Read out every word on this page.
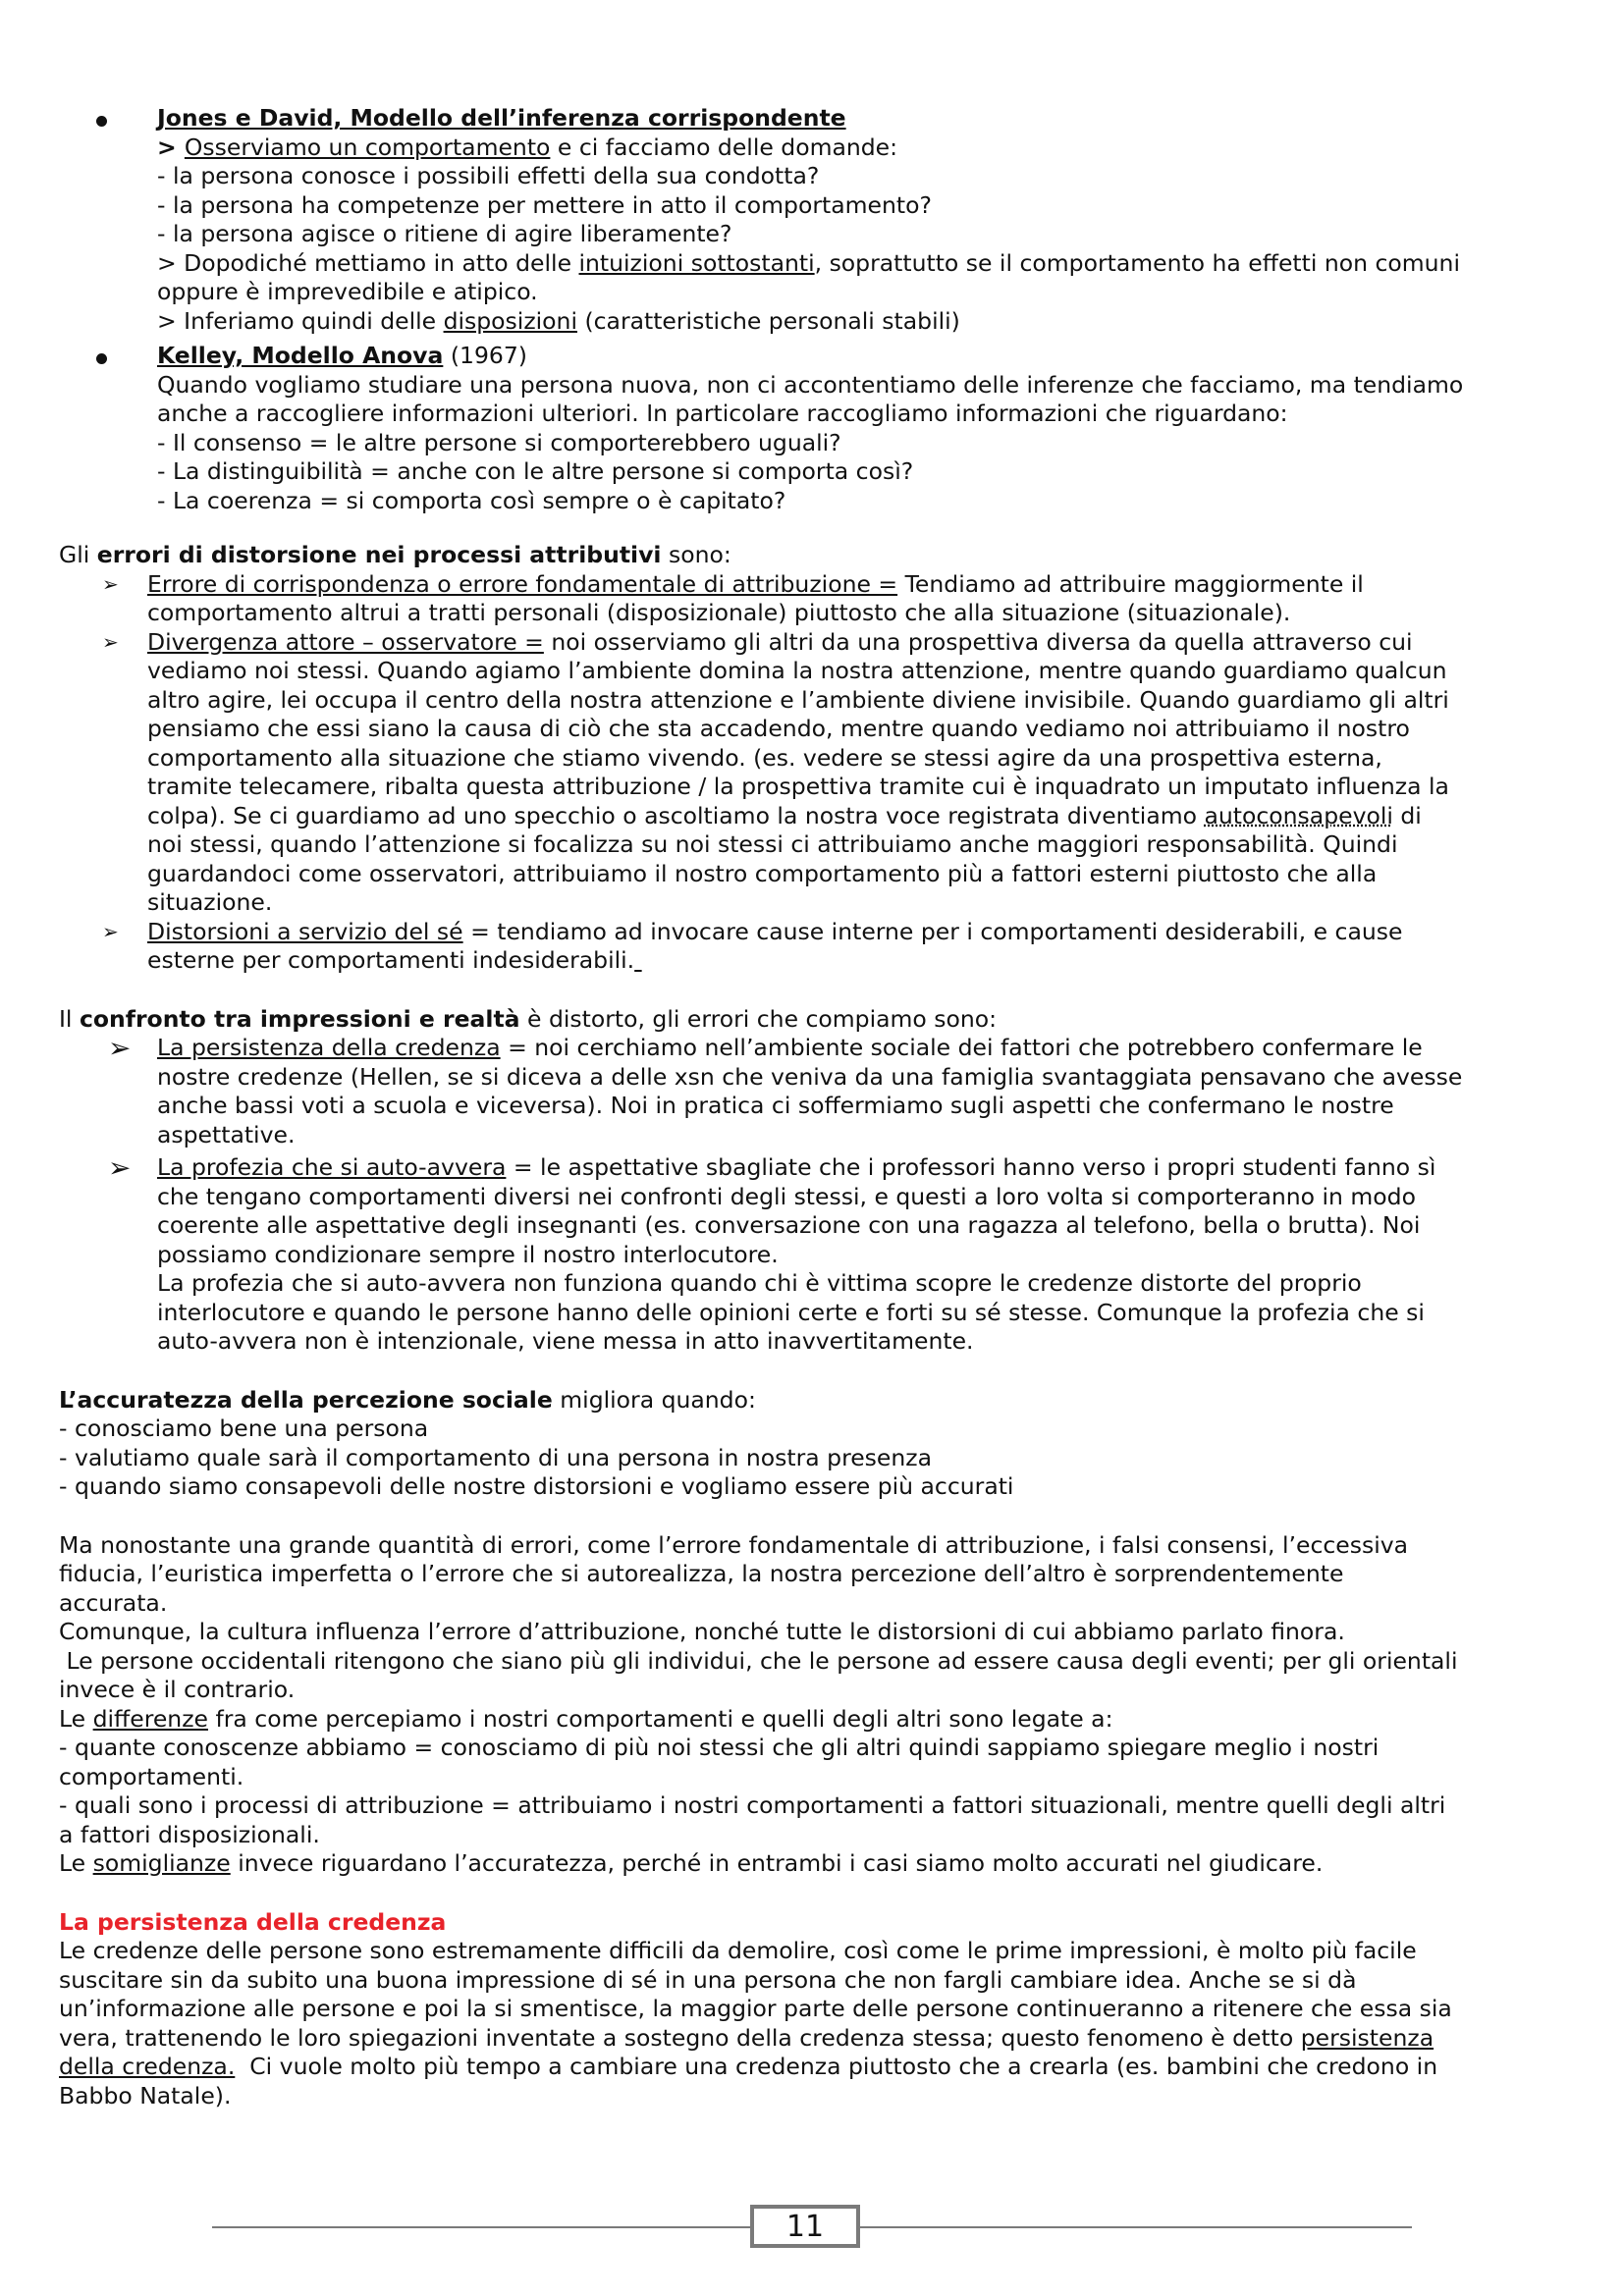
Jones e David, Modello dell’inferenza corrispondente
> Osserviamo un comportamento e ci facciamo delle domande:
- la persona conosce i possibili effetti della sua condotta?
- la persona ha competenze per mettere in atto il comportamento?
- la persona agisce o ritiene di agire liberamente?
> Dopodiché mettiamo in atto delle intuizioni sottostanti, soprattutto se il comportamento ha effetti non comuni
oppure è imprevedibile e atipico.
> Inferiamo quindi delle disposizioni (caratteristiche personali stabili)
Kelley, Modello Anova (1967)
Quando vogliamo studiare una persona nuova, non ci accontentiamo delle inferenze che facciamo, ma tendiamo
anche a raccogliere informazioni ulteriori. In particolare raccogliamo informazioni che riguardano:
- Il consenso = le altre persone si comporterebbero uguali?
- La distinguibilità = anche con le altre persone si comporta così?
- La coerenza = si comporta così sempre o è capitato?
Gli errori di distorsione nei processi attributivi sono:
➢ Errore di corrispondenza o errore fondamentale di attribuzione = Tendiamo ad attribuire maggiormente il
comportamento altrui a tratti personali (disposizionale) piuttosto che alla situazione (situazionale).
➢ Divergenza attore – osservatore = noi osserviamo gli altri da una prospettiva diversa da quella attraverso cui
vediamo noi stessi. Quando agiamo l’ambiente domina la nostra attenzione, mentre quando guardiamo qualcun
altro agire, lei occupa il centro della nostra attenzione e l’ambiente diviene invisibile. Quando guardiamo gli altri
pensiamo che essi siano la causa di ciò che sta accadendo, mentre quando vediamo noi attribuiamo il nostro
comportamento alla situazione che stiamo vivendo. (es. vedere se stessi agire da una prospettiva esterna,
tramite telecamere, ribalta questa attribuzione / la prospettiva tramite cui è inquadrato un imputato influenza la
colpa). Se ci guardiamo ad uno specchio o ascoltiamo la nostra voce registrata diventiamo autoconsapevoli di
noi stessi, quando l’attenzione si focalizza su noi stessi ci attribuiamo anche maggiori responsabilità. Quindi
guardandoci come osservatori, attribuiamo il nostro comportamento più a fattori esterni piuttosto che alla
situazione.
➢ Distorsioni a servizio del sé = tendiamo ad invocare cause interne per i comportamenti desiderabili, e cause
esterne per comportamenti indesiderabili.
Il confronto tra impressioni e realtà è distorto, gli errori che compiamo sono:
➢ La persistenza della credenza = noi cerchiamo nell’ambiente sociale dei fattori che potrebbero confermare le
nostre credenze (Hellen, se si diceva a delle xsn che veniva da una famiglia svantaggiata pensavano che avesse
anche bassi voti a scuola e viceversa). Noi in pratica ci soffermiamo sugli aspetti che confermano le nostre
aspettative.
➢ La profezia che si auto-avvera = le aspettative sbagliate che i professori hanno verso i propri studenti fanno sì
che tengano comportamenti diversi nei confronti degli stessi, e questi a loro volta si comporteranno in modo
coerente alle aspettative degli insegnanti (es. conversazione con una ragazza al telefono, bella o brutta). Noi
possiamo condizionare sempre il nostro interlocutore.
La profezia che si auto-avvera non funziona quando chi è vittima scopre le credenze distorte del proprio
interlocutore e quando le persone hanno delle opinioni certe e forti su sé stesse. Comunque la profezia che si
auto-avvera non è intenzionale, viene messa in atto inavvertitamente.
L’accuratezza della percezione sociale migliora quando:
- conosciamo bene una persona
- valutiamo quale sarà il comportamento di una persona in nostra presenza
- quando siamo consapevoli delle nostre distorsioni e vogliamo essere più accurati
Ma nonostante una grande quantità di errori, come l’errore fondamentale di attribuzione, i falsi consensi, l’eccessiva
fiducia, l’euristica imperfetta o l’errore che si autorealizza, la nostra percezione dell’altro è sorprendentemente
accurata.
Comunque, la cultura influenza l’errore d’attribuzione, nonché tutte le distorsioni di cui abbiamo parlato finora.
Le persone occidentali ritengono che siano più gli individui, che le persone ad essere causa degli eventi; per gli orientali
invece è il contrario.
Le differenze fra come percepiamo i nostri comportamenti e quelli degli altri sono legate a:
- quante conoscenze abbiamo = conosciamo di più noi stessi che gli altri quindi sappiamo spiegare meglio i nostri
comportamenti.
- quali sono i processi di attribuzione = attribuiamo i nostri comportamenti a fattori situazionali, mentre quelli degli altri
a fattori disposizionali.
Le somiglianze invece riguardano l’accuratezza, perché in entrambi i casi siamo molto accurati nel giudicare.
La persistenza della credenza
Le credenze delle persone sono estremamente difficili da demolire, così come le prime impressioni, è molto più facile
suscitare sin da subito una buona impressione di sé in una persona che non fargli cambiare idea. Anche se si dà
un’informazione alle persone e poi la si smentisce, la maggior parte delle persone continueranno a ritenere che essa sia
vera, trattenendo le loro spiegazioni inventate a sostegno della credenza stessa; questo fenomeno è detto persistenza
della credenza.  Ci vuole molto più tempo a cambiare una credenza piuttosto che a crearla (es. bambini che credono in
Babbo Natale).
11
